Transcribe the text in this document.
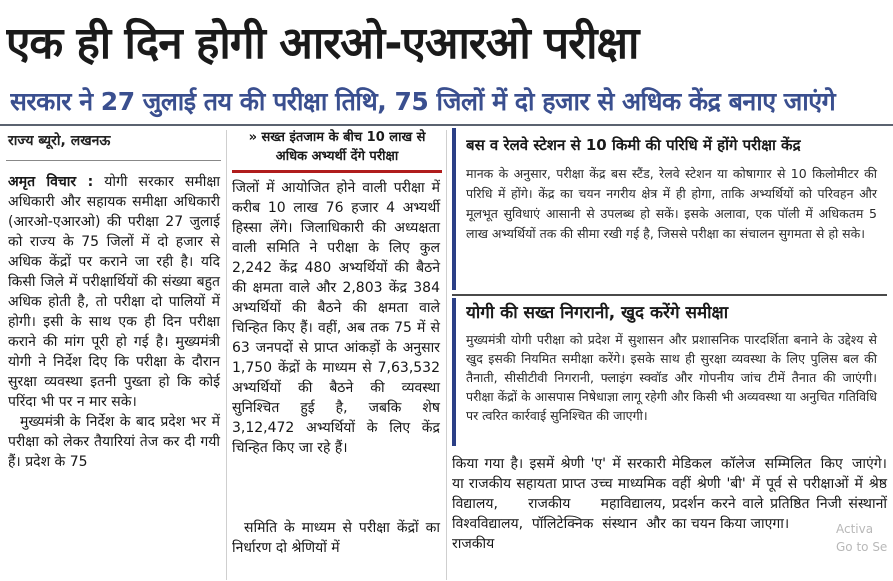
एक ही दिन होगी आरओ-एआरओ परीक्षा
सरकार ने 27 जुलाई तय की परीक्षा तिथि, 75 जिलों में दो हजार से अधिक केंद्र बनाए जाएंगे
राज्य ब्यूरो, लखनऊ

अमृत विचार : योगी सरकार समीक्षा अधिकारी और सहायक समीक्षा अधिकारी (आरओ-एआरओ) की परीक्षा 27 जुलाई को राज्य के 75 जिलों में दो हजार से अधिक केंद्रों पर कराने जा रही है। यदि किसी जिले में परीक्षार्थियों की संख्या बहुत अधिक होती है, तो परीक्षा दो पालियों में होगी। इसी के साथ एक ही दिन परीक्षा कराने की मांग पूरी हो गई है। मुख्यमंत्री योगी ने निर्देश दिए कि परीक्षा के दौरान सुरक्षा व्यवस्था इतनी पुख्ता हो कि कोई परिंदा भी पर न मार सके।

मुख्यमंत्री के निर्देश के बाद प्रदेश भर में परीक्षा को लेकर तैयारियां तेज कर दी गयी हैं। प्रदेश के 75

» सख्त इंतजाम के बीच 10 लाख से अधिक अभ्यर्थी देंगे परीक्षा

जिलों में आयोजित होने वाली परीक्षा में करीब 10 लाख 76 हजार 4 अभ्यर्थी हिस्सा लेंगे। जिलाधिकारी की अध्यक्षता वाली समिति ने परीक्षा के लिए कुल 2,242 केंद्र 480 अभ्यर्थियों की बैठने की क्षमता वाले और 2,803 केंद्र 384 अभ्यर्थियों की बैठने की क्षमता वाले चिन्हित किए हैं। वहीं, अब तक 75 में से 63 जनपदों से प्राप्त आंकड़ों के अनुसार 1,750 केंद्रों के माध्यम से 7,63,532 अभ्यर्थियों की बैठने की व्यवस्था सुनिश्चित हुई है, जबकि शेष 3,12,472 अभ्यर्थियों के लिए केंद्र चिन्हित किए जा रहे हैं।

समिति के माध्यम से परीक्षा केंद्रों का निर्धारण दो श्रेणियों में

बस व रेलवे स्टेशन से 10 किमी की परिधि में होंगे परीक्षा केंद्र
मानक के अनुसार, परीक्षा केंद्र बस स्टैंड, रेलवे स्टेशन या कोषागार से 10 किलोमीटर की परिधि में होंगे। केंद्र का चयन नगरीय क्षेत्र में ही होगा, ताकि अभ्यर्थियों को परिवहन और मूलभूत सुविधाएं आसानी से उपलब्ध हो सकें। इसके अलावा, एक पॉली में अधिकतम 5 लाख अभ्यर्थियों तक की सीमा रखी गई है, जिससे परीक्षा का संचालन सुगमता से हो सके।
योगी की सख्त निगरानी, खुद करेंगे समीक्षा
मुख्यमंत्री योगी परीक्षा को प्रदेश में सुशासन और प्रशासनिक पारदर्शिता बनाने के उद्देश्य से खुद इसकी नियमित समीक्षा करेंगे। इसके साथ ही सुरक्षा व्यवस्था के लिए पुलिस बल की तैनाती, सीसीटीवी निगरानी, फ्लाइंग स्क्वॉड और गोपनीय जांच टीमें तैनात की जाएंगी। परीक्षा केंद्रों के आसपास निषेधाज्ञा लागू रहेगी और किसी भी अव्यवस्था या अनुचित गतिविधि पर त्वरित कार्रवाई सुनिश्चित की जाएगी।

किया गया है। इसमें श्रेणी 'ए' में सरकारी या राजकीय सहायता प्राप्त उच्च माध्यमिक विद्यालय, राजकीय महाविद्यालय, विश्वविद्यालय, पॉलिटेक्निक संस्थान और राजकीय

मेडिकल कॉलेज सम्मिलित किए जाएंगे। वहीं श्रेणी 'बी' में पूर्व से परीक्षाओं में श्रेष्ठ प्रदर्शन करने वाले प्रतिष्ठित निजी संस्थानों का चयन किया जाएगा।	Activa
Go to Se
